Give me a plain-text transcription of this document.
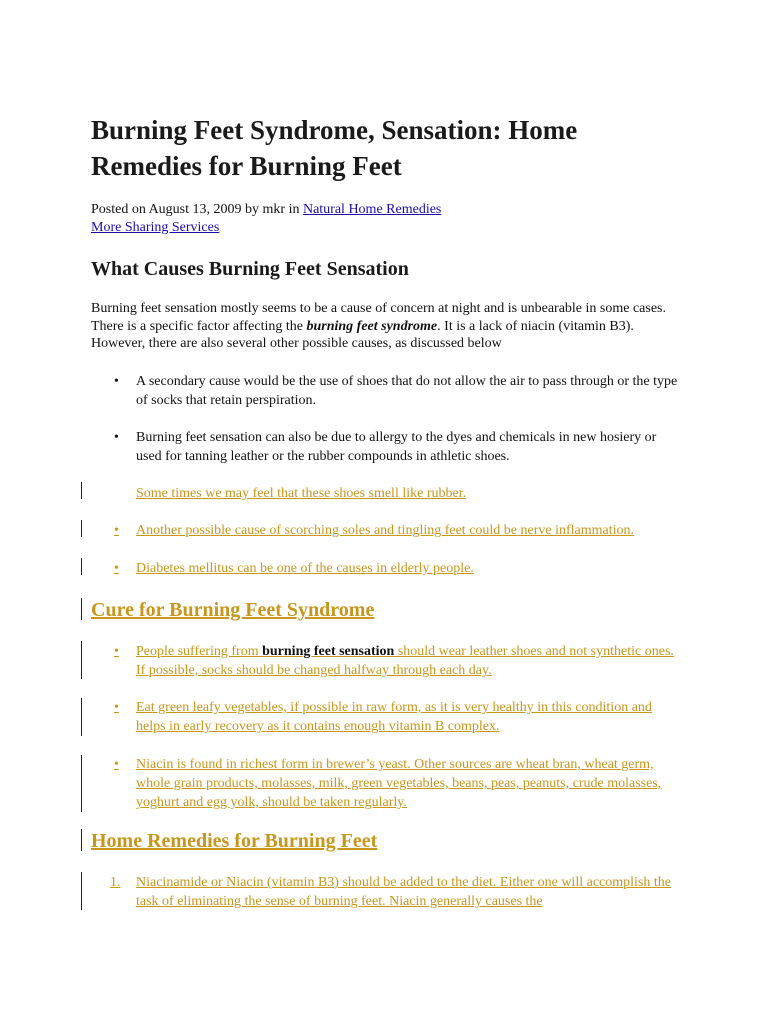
Burning Feet Syndrome, Sensation: Home Remedies for Burning Feet
Posted on August 13, 2009 by mkr in Natural Home Remedies
More Sharing Services
What Causes Burning Feet Sensation
Burning feet sensation mostly seems to be a cause of concern at night and is unbearable in some cases. There is a specific factor affecting the burning feet syndrome. It is a lack of niacin (vitamin B3). However, there are also several other possible causes, as discussed below
•	A secondary cause would be the use of shoes that do not allow the air to pass through or the type of socks that retain perspiration.
•	Burning feet sensation can also be due to allergy to the dyes and chemicals in new hosiery or used for tanning leather or the rubber compounds in athletic shoes.
Some times we may feel that these shoes smell like rubber.
•	Another possible cause of scorching soles and tingling feet could be nerve inflammation.
•	Diabetes mellitus can be one of the causes in elderly people.
Cure for Burning Feet Syndrome
•	People suffering from burning feet sensation should wear leather shoes and not synthetic ones. If possible, socks should be changed halfway through each day.
•	Eat green leafy vegetables, if possible in raw form, as it is very healthy in this condition and helps in early recovery as it contains enough vitamin B complex.
•	Niacin is found in richest form in brewer’s yeast. Other sources are wheat bran, wheat germ, whole grain products, molasses, milk, green vegetables, beans, peas, peanuts, crude molasses, yoghurt and egg yolk, should be taken regularly.
Home Remedies for Burning Feet
1. Niacinamide or Niacin (vitamin B3) should be added to the diet. Either one will accomplish the task of eliminating the sense of burning feet. Niacin generally causes the
